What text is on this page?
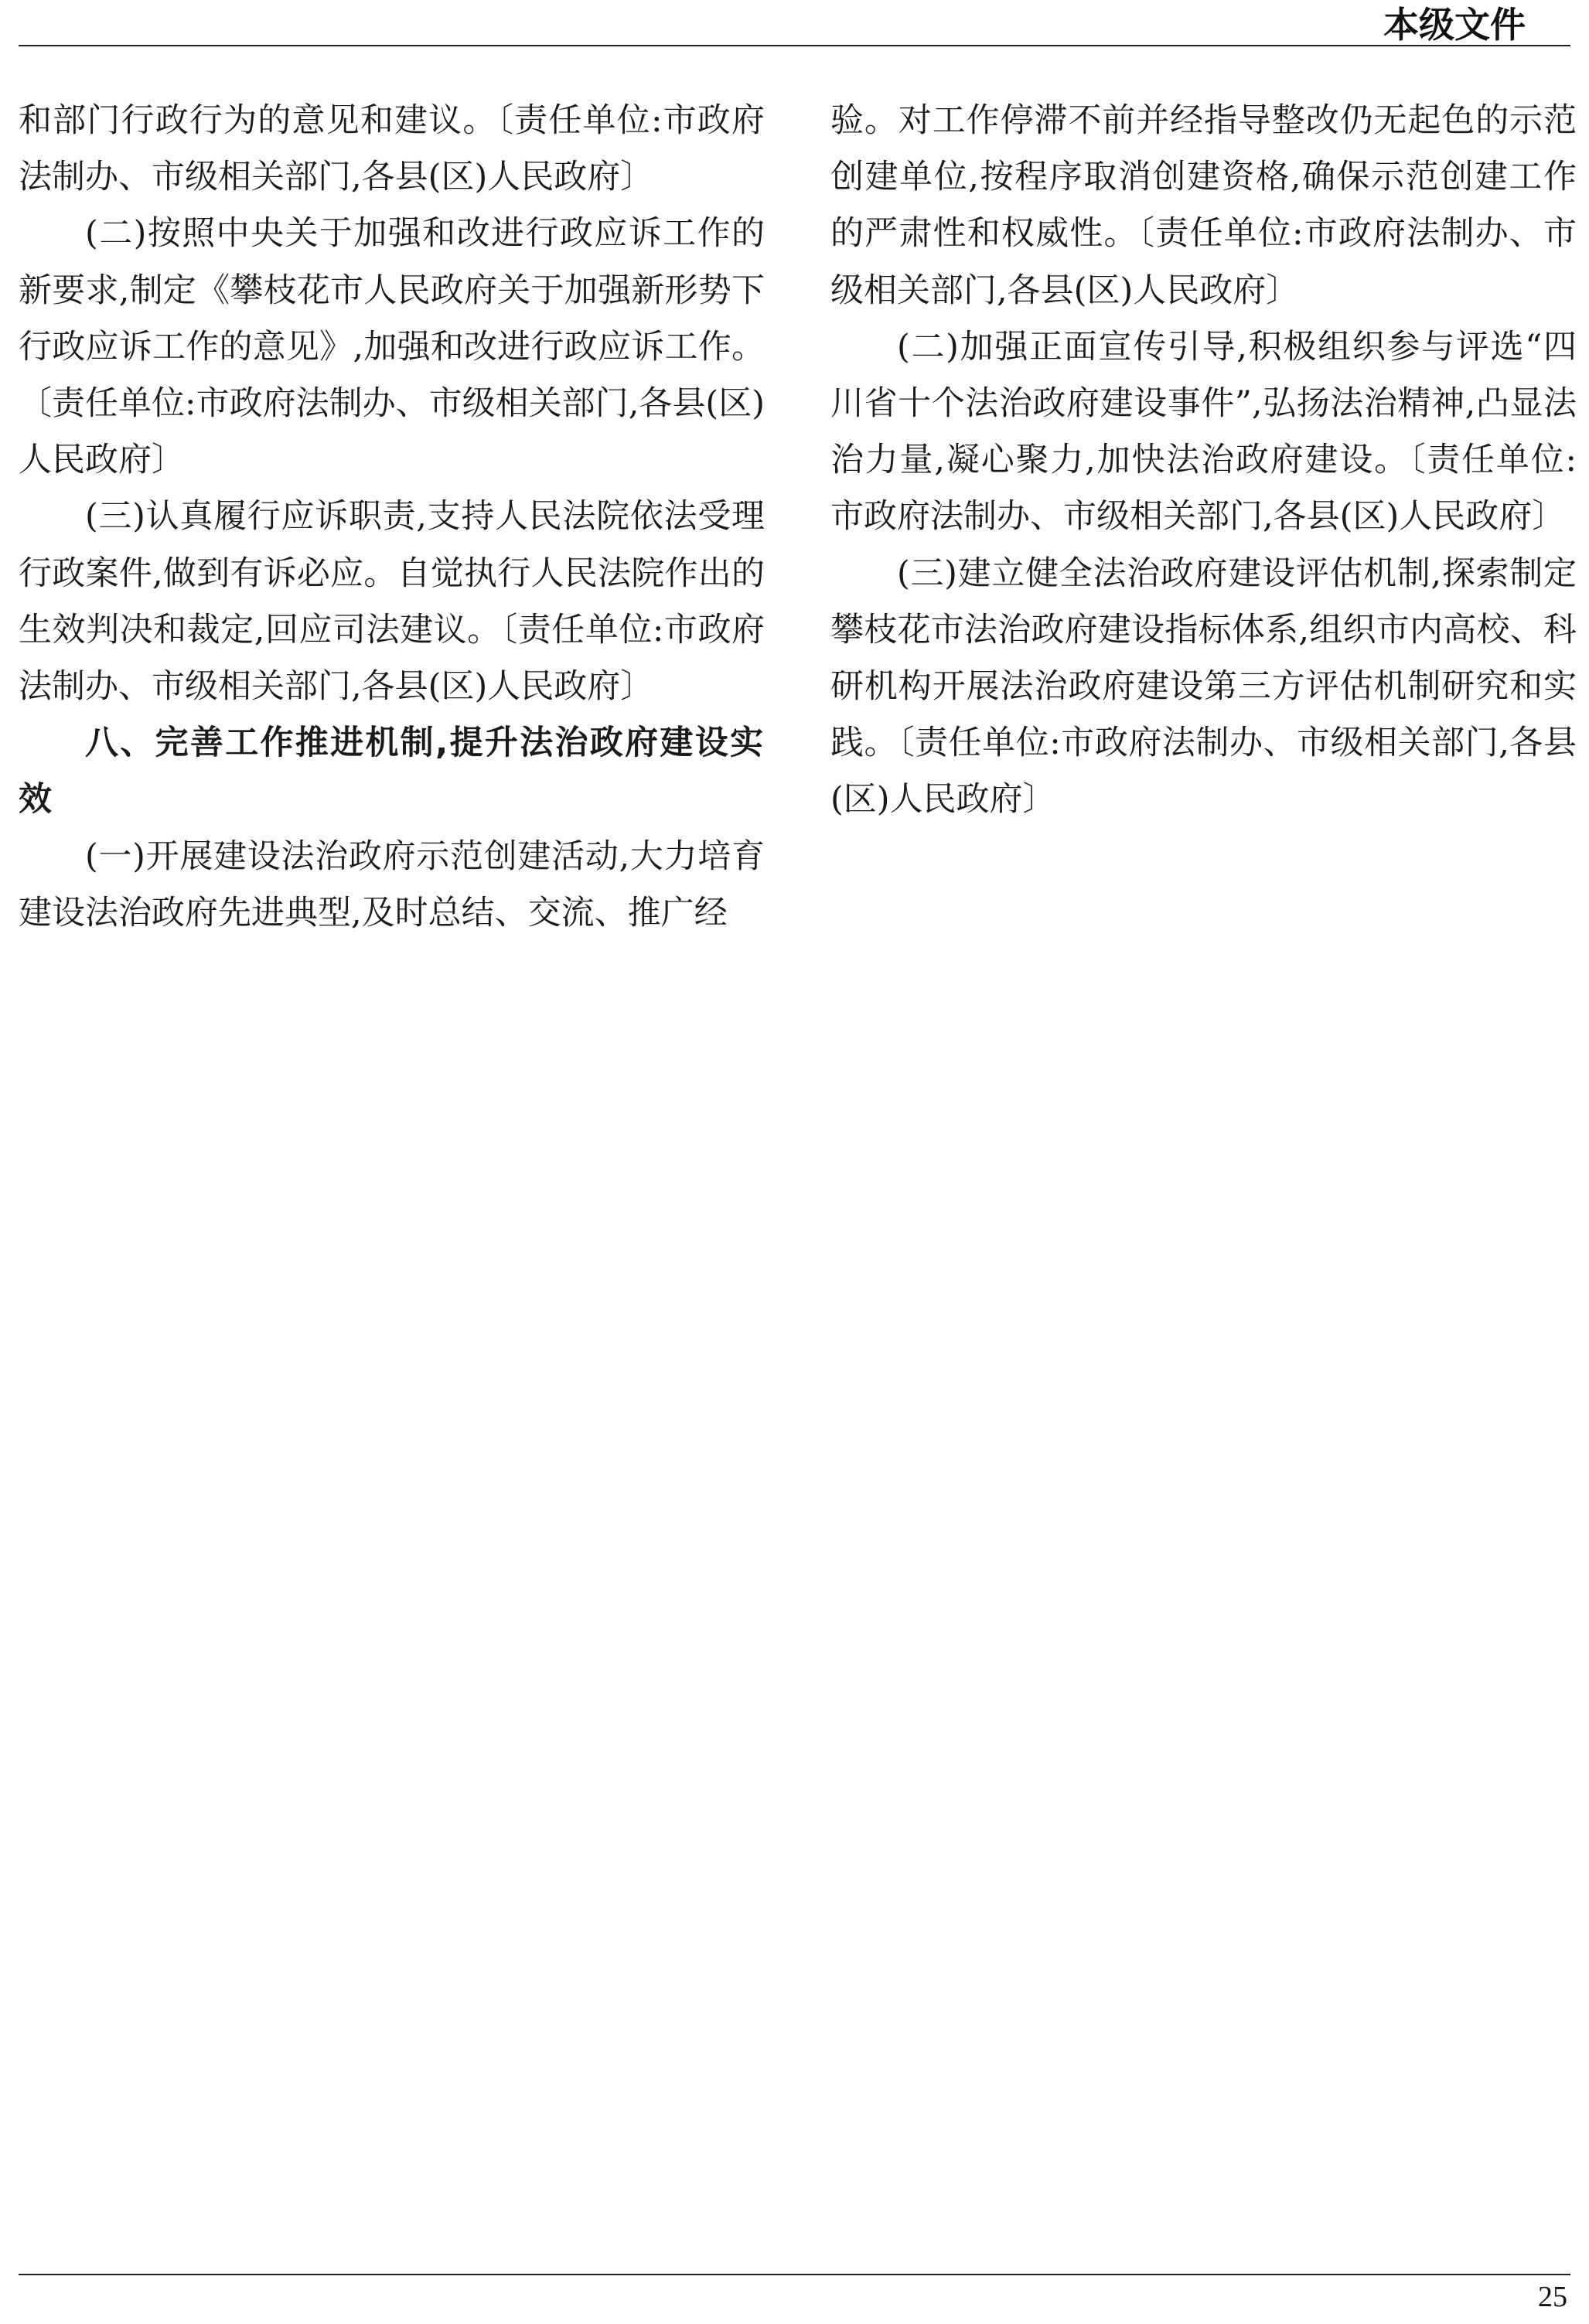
本级文件

和部门行政行为的意见和建议。〔责任单位:市政府法制办、市级相关部门,各县(区)人民政府〕

(二)按照中央关于加强和改进行政应诉工作的新要求,制定《攀枝花市人民政府关于加强新形势下行政应诉工作的意见》,加强和改进行政应诉工作。〔责任单位:市政府法制办、市级相关部门,各县(区)人民政府〕

(三)认真履行应诉职责,支持人民法院依法受理行政案件,做到有诉必应。自觉执行人民法院作出的生效判决和裁定,回应司法建议。〔责任单位:市政府法制办、市级相关部门,各县(区)人民政府〕

八、完善工作推进机制,提升法治政府建设实效

(一)开展建设法治政府示范创建活动,大力培育建设法治政府先进典型,及时总结、交流、推广经

验。对工作停滞不前并经指导整改仍无起色的示范创建单位,按程序取消创建资格,确保示范创建工作的严肃性和权威性。〔责任单位:市政府法制办、市级相关部门,各县(区)人民政府〕

(二)加强正面宣传引导,积极组织参与评选“四川省十个法治政府建设事件”,弘扬法治精神,凸显法治力量,凝心聚力,加快法治政府建设。〔责任单位:市政府法制办、市级相关部门,各县(区)人民政府〕

(三)建立健全法治政府建设评估机制,探索制定攀枝花市法治政府建设指标体系,组织市内高校、科研机构开展法治政府建设第三方评估机制研究和实践。〔责任单位:市政府法制办、市级相关部门,各县(区)人民政府〕

25
